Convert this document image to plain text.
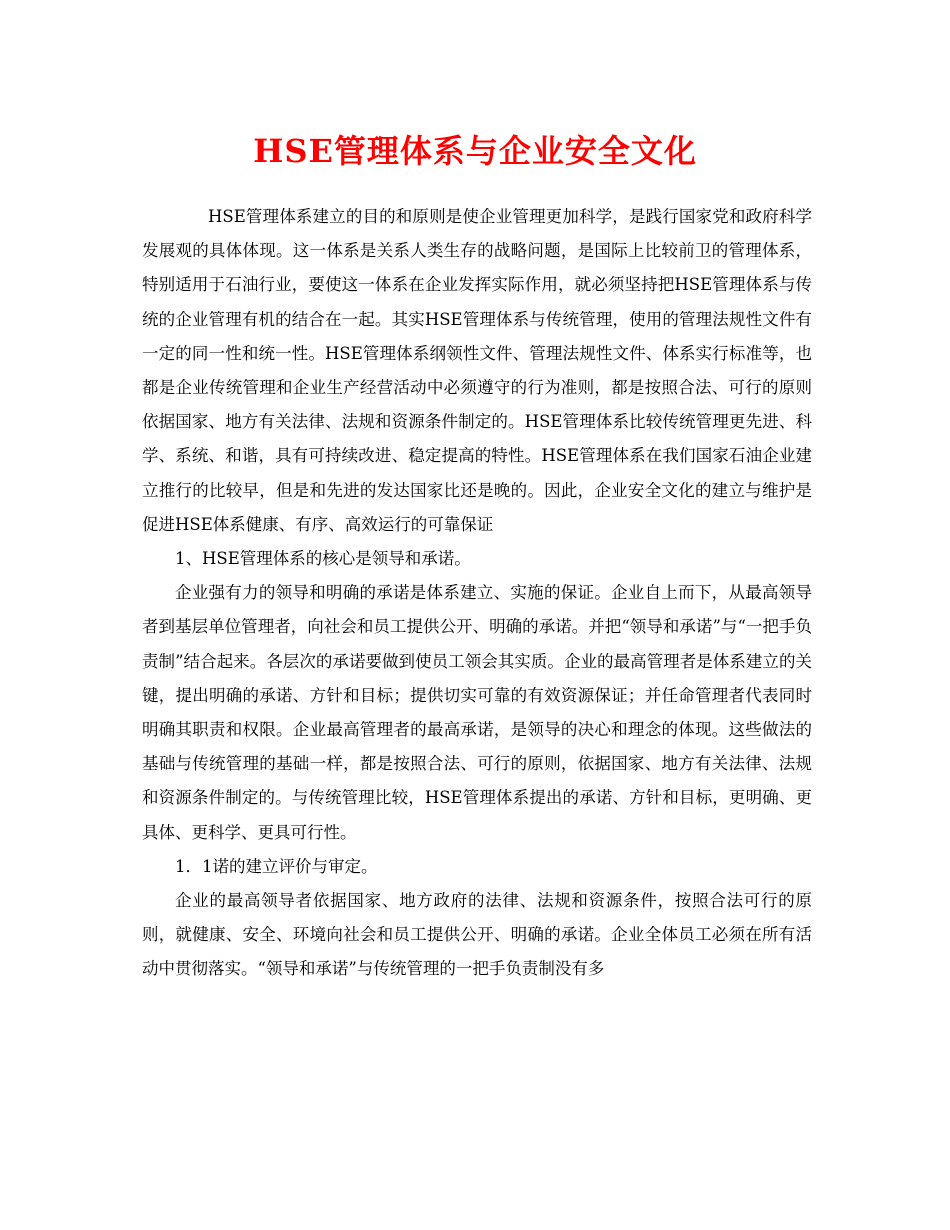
HSE管理体系与企业安全文化

HSE管理体系建立的目的和原则是使企业管理更加科学，是践行国家党和政府科学发展观的具体体现。这一体系是关系人类生存的战略问题，是国际上比较前卫的管理体系，特别适用于石油行业，要使这一体系在企业发挥实际作用，就必须坚持把HSE管理体系与传统的企业管理有机的结合在一起。其实HSE管理体系与传统管理，使用的管理法规性文件有一定的同一性和统一性。HSE管理体系纲领性文件、管理法规性文件、体系实行标准等，也都是企业传统管理和企业生产经营活动中必须遵守的行为准则，都是按照合法、可行的原则依据国家、地方有关法律、法规和资源条件制定的。HSE管理体系比较传统管理更先进、科学、系统、和谐，具有可持续改进、稳定提高的特性。HSE管理体系在我们国家石油企业建立推行的比较早，但是和先进的发达国家比还是晚的。因此，企业安全文化的建立与维护是促进HSE体系健康、有序、高效运行的可靠保证

1、HSE管理体系的核心是领导和承诺。

企业强有力的领导和明确的承诺是体系建立、实施的保证。企业自上而下，从最高领导者到基层单位管理者，向社会和员工提供公开、明确的承诺。并把“领导和承诺”与“一把手负责制”结合起来。各层次的承诺要做到使员工领会其实质。企业的最高管理者是体系建立的关键，提出明确的承诺、方针和目标；提供切实可靠的有效资源保证；并任命管理者代表同时明确其职责和权限。企业最高管理者的最高承诺，是领导的决心和理念的体现。这些做法的基础与传统管理的基础一样，都是按照合法、可行的原则，依据国家、地方有关法律、法规和资源条件制定的。与传统管理比较，HSE管理体系提出的承诺、方针和目标，更明确、更具体、更科学、更具可行性。

1．1诺的建立评价与审定。

企业的最高领导者依据国家、地方政府的法律、法规和资源条件，按照合法可行的原则，就健康、安全、环境向社会和员工提供公开、明确的承诺。企业全体员工必须在所有活动中贯彻落实。“领导和承诺”与传统管理的一把手负责制没有多
